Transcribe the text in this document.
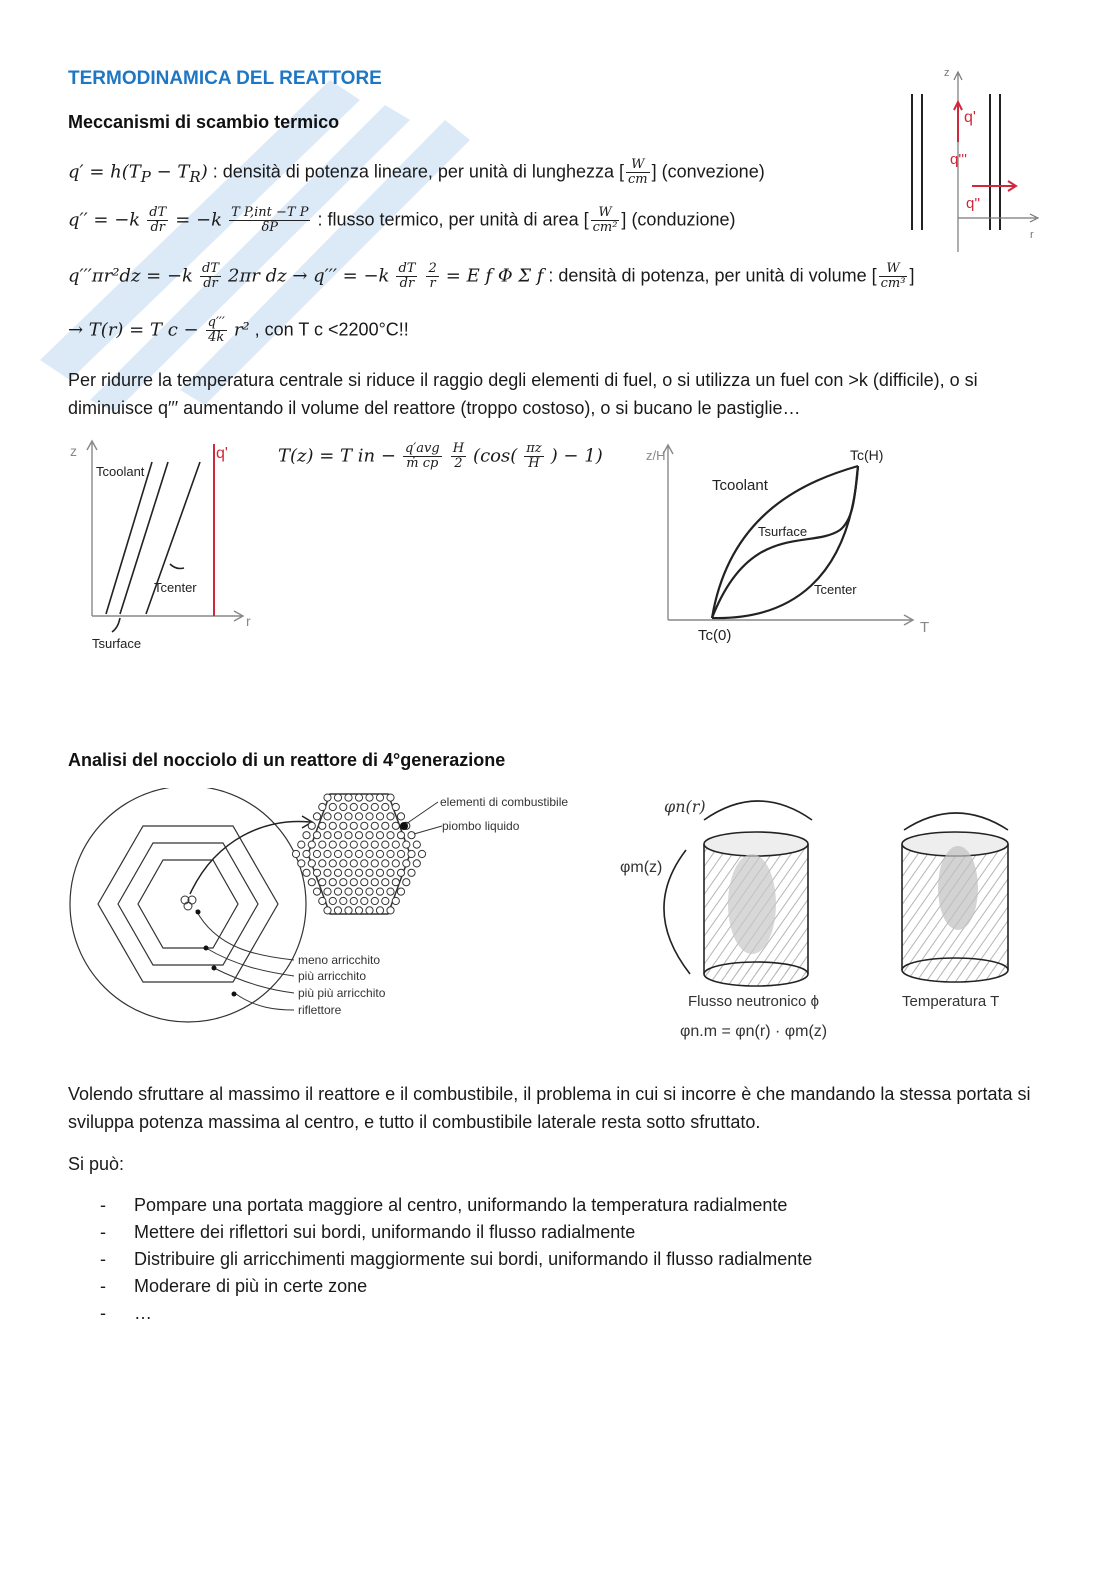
TERMODINAMICA DEL REATTORE
Meccanismi di scambio termico
$q' = h(T_P - T_R)$ : densità di potenza lineare, per unità di lunghezza [ $\frac{W}{cm}$ ] (convezione)
$q'' = -k \frac{dT}{dr} = -k \frac{\text{T P,int −T P}}{\delta P}$ : flusso termico, per unità di area [ $\frac{W}{\text{cm²}}$ ] (conduzione)
$q'''\pi r^2dz = -k \frac{dT}{dr} 2\pi r$ dz → $q''' = -k \frac{dT}{dr}$
$\frac{2}{r} = E$ f Φ Σ f : densità di potenza, per unità di volume [ $\frac{W}{\text{cm³}}$ ]
→ T(r) = T $c - \frac{q'''}{4k} r^2$ , con T c <2200°C!!
Per ridurre la temperatura centrale si riduce il raggio degli elementi di fuel, o si utilizza un fuel con >k (difficile), o si diminuisce q′′′ aumentando il volume del reattore (troppo costoso), o si bucano le pastiglie…
T(z) = T in − $\frac{\text{q′avg}}{\text{ṁ cp}}$
$\frac{H}{2} (\cos( \frac{\pi z}{H}$ ) − 1)
z
r
q'
q'''
q''
z
r
q'
Tcoolant
Tcenter
Tsurface
z/H
T
Tc(H)
Tcoolant
Tsurface
Tcenter
Tc(0)
Analisi del nocciolo di un reattore di 4°generazione
elementi di combustibile
piombo liquido
meno arricchito
più arricchito
più più arricchito
riflettore
φn(r)
φm(z)
Flusso neutronico ϕ	Temperatura T
φn.m = φn(r) · φm(z)
Volendo sfruttare al massimo il reattore e il combustibile, il problema in cui si incorre è che mandando la stessa portata si sviluppa potenza massima al centro, e tutto il combustibile laterale resta sotto sfruttato.
Si può:
- Pompare una portata maggiore al centro, uniformando la temperatura radialmente
- Mettere dei riflettori sui bordi, uniformando il flusso radialmente
- Distribuire gli arricchimenti maggiormente sui bordi, uniformando il flusso radialmente
- Moderare di più in certe zone
- …
